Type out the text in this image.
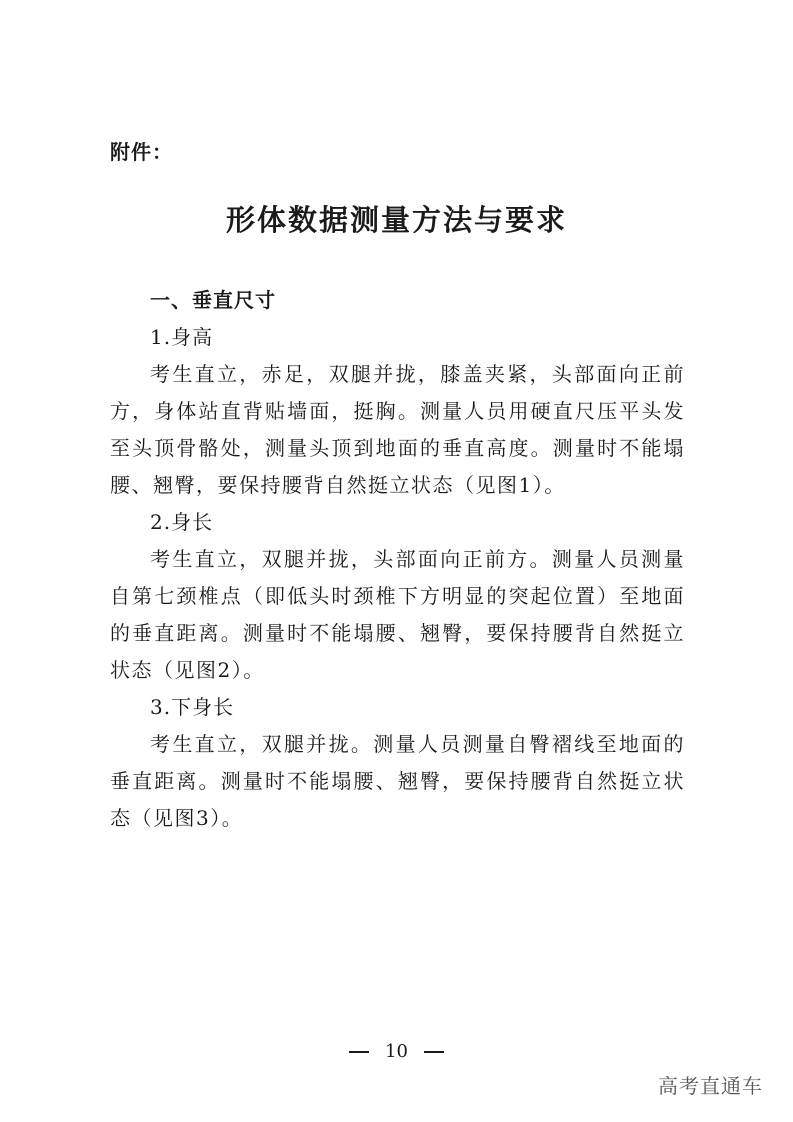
附件：
形体数据测量方法与要求

一、垂直尺寸

1.身高

考生直立，赤足，双腿并拢，膝盖夹紧，头部面向正前方，身体站直背贴墙面，挺胸。测量人员用硬直尺压平头发至头顶骨骼处，测量头顶到地面的垂直高度。测量时不能塌腰、翘臀，要保持腰背自然挺立状态（见图1）。

2.身长

考生直立，双腿并拢，头部面向正前方。测量人员测量自第七颈椎点（即低头时颈椎下方明显的突起位置）至地面的垂直距离。测量时不能塌腰、翘臀，要保持腰背自然挺立状态（见图2）。

3.下身长

考生直立，双腿并拢。测量人员测量自臀褶线至地面的垂直距离。测量时不能塌腰、翘臀，要保持腰背自然挺立状态（见图3）。

10
高考直通车
